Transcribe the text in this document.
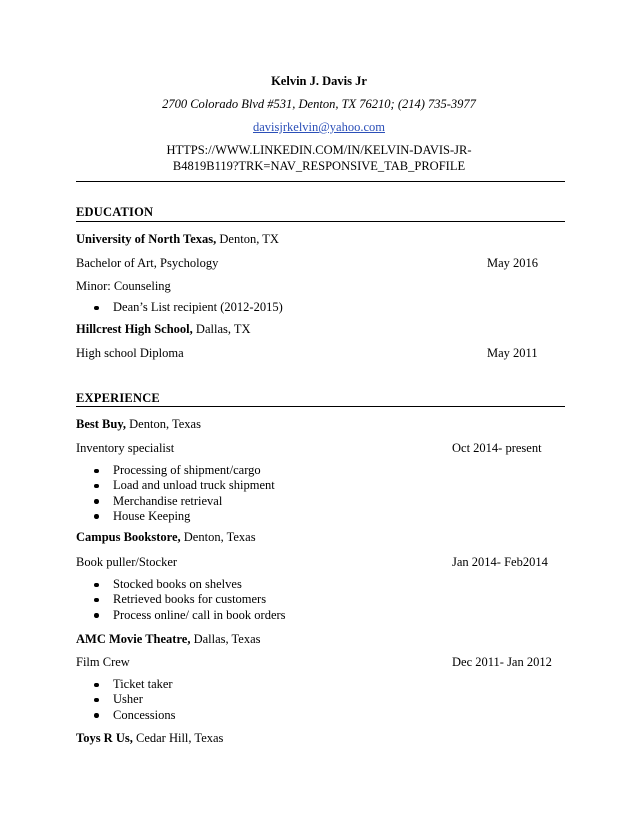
Kelvin J. Davis Jr
2700 Colorado Blvd #531, Denton, TX 76210; (214) 735-3977
davisjrkelvin@yahoo.com
HTTPS://WWW.LINKEDIN.COM/IN/KELVIN-DAVIS-JR-
B4819B119?TRK=NAV_RESPONSIVE_TAB_PROFILE
EDUCATION
University of North Texas, Denton, TX
Bachelor of Art, Psychology	May 2016
Minor: Counseling
Dean’s List recipient (2012-2015)
Hillcrest High School, Dallas, TX
High school Diploma	May 2011
EXPERIENCE
Best Buy, Denton, Texas
Inventory specialist	Oct 2014- present
Processing of shipment/cargo
Load and unload truck shipment
Merchandise retrieval
House Keeping
Campus Bookstore, Denton, Texas
Book puller/Stocker	Jan 2014- Feb2014
Stocked books on shelves
Retrieved books for customers
Process online/ call in book orders
AMC Movie Theatre, Dallas, Texas
Film Crew	Dec 2011- Jan 2012
Ticket taker
Usher
Concessions
Toys R Us, Cedar Hill, Texas
